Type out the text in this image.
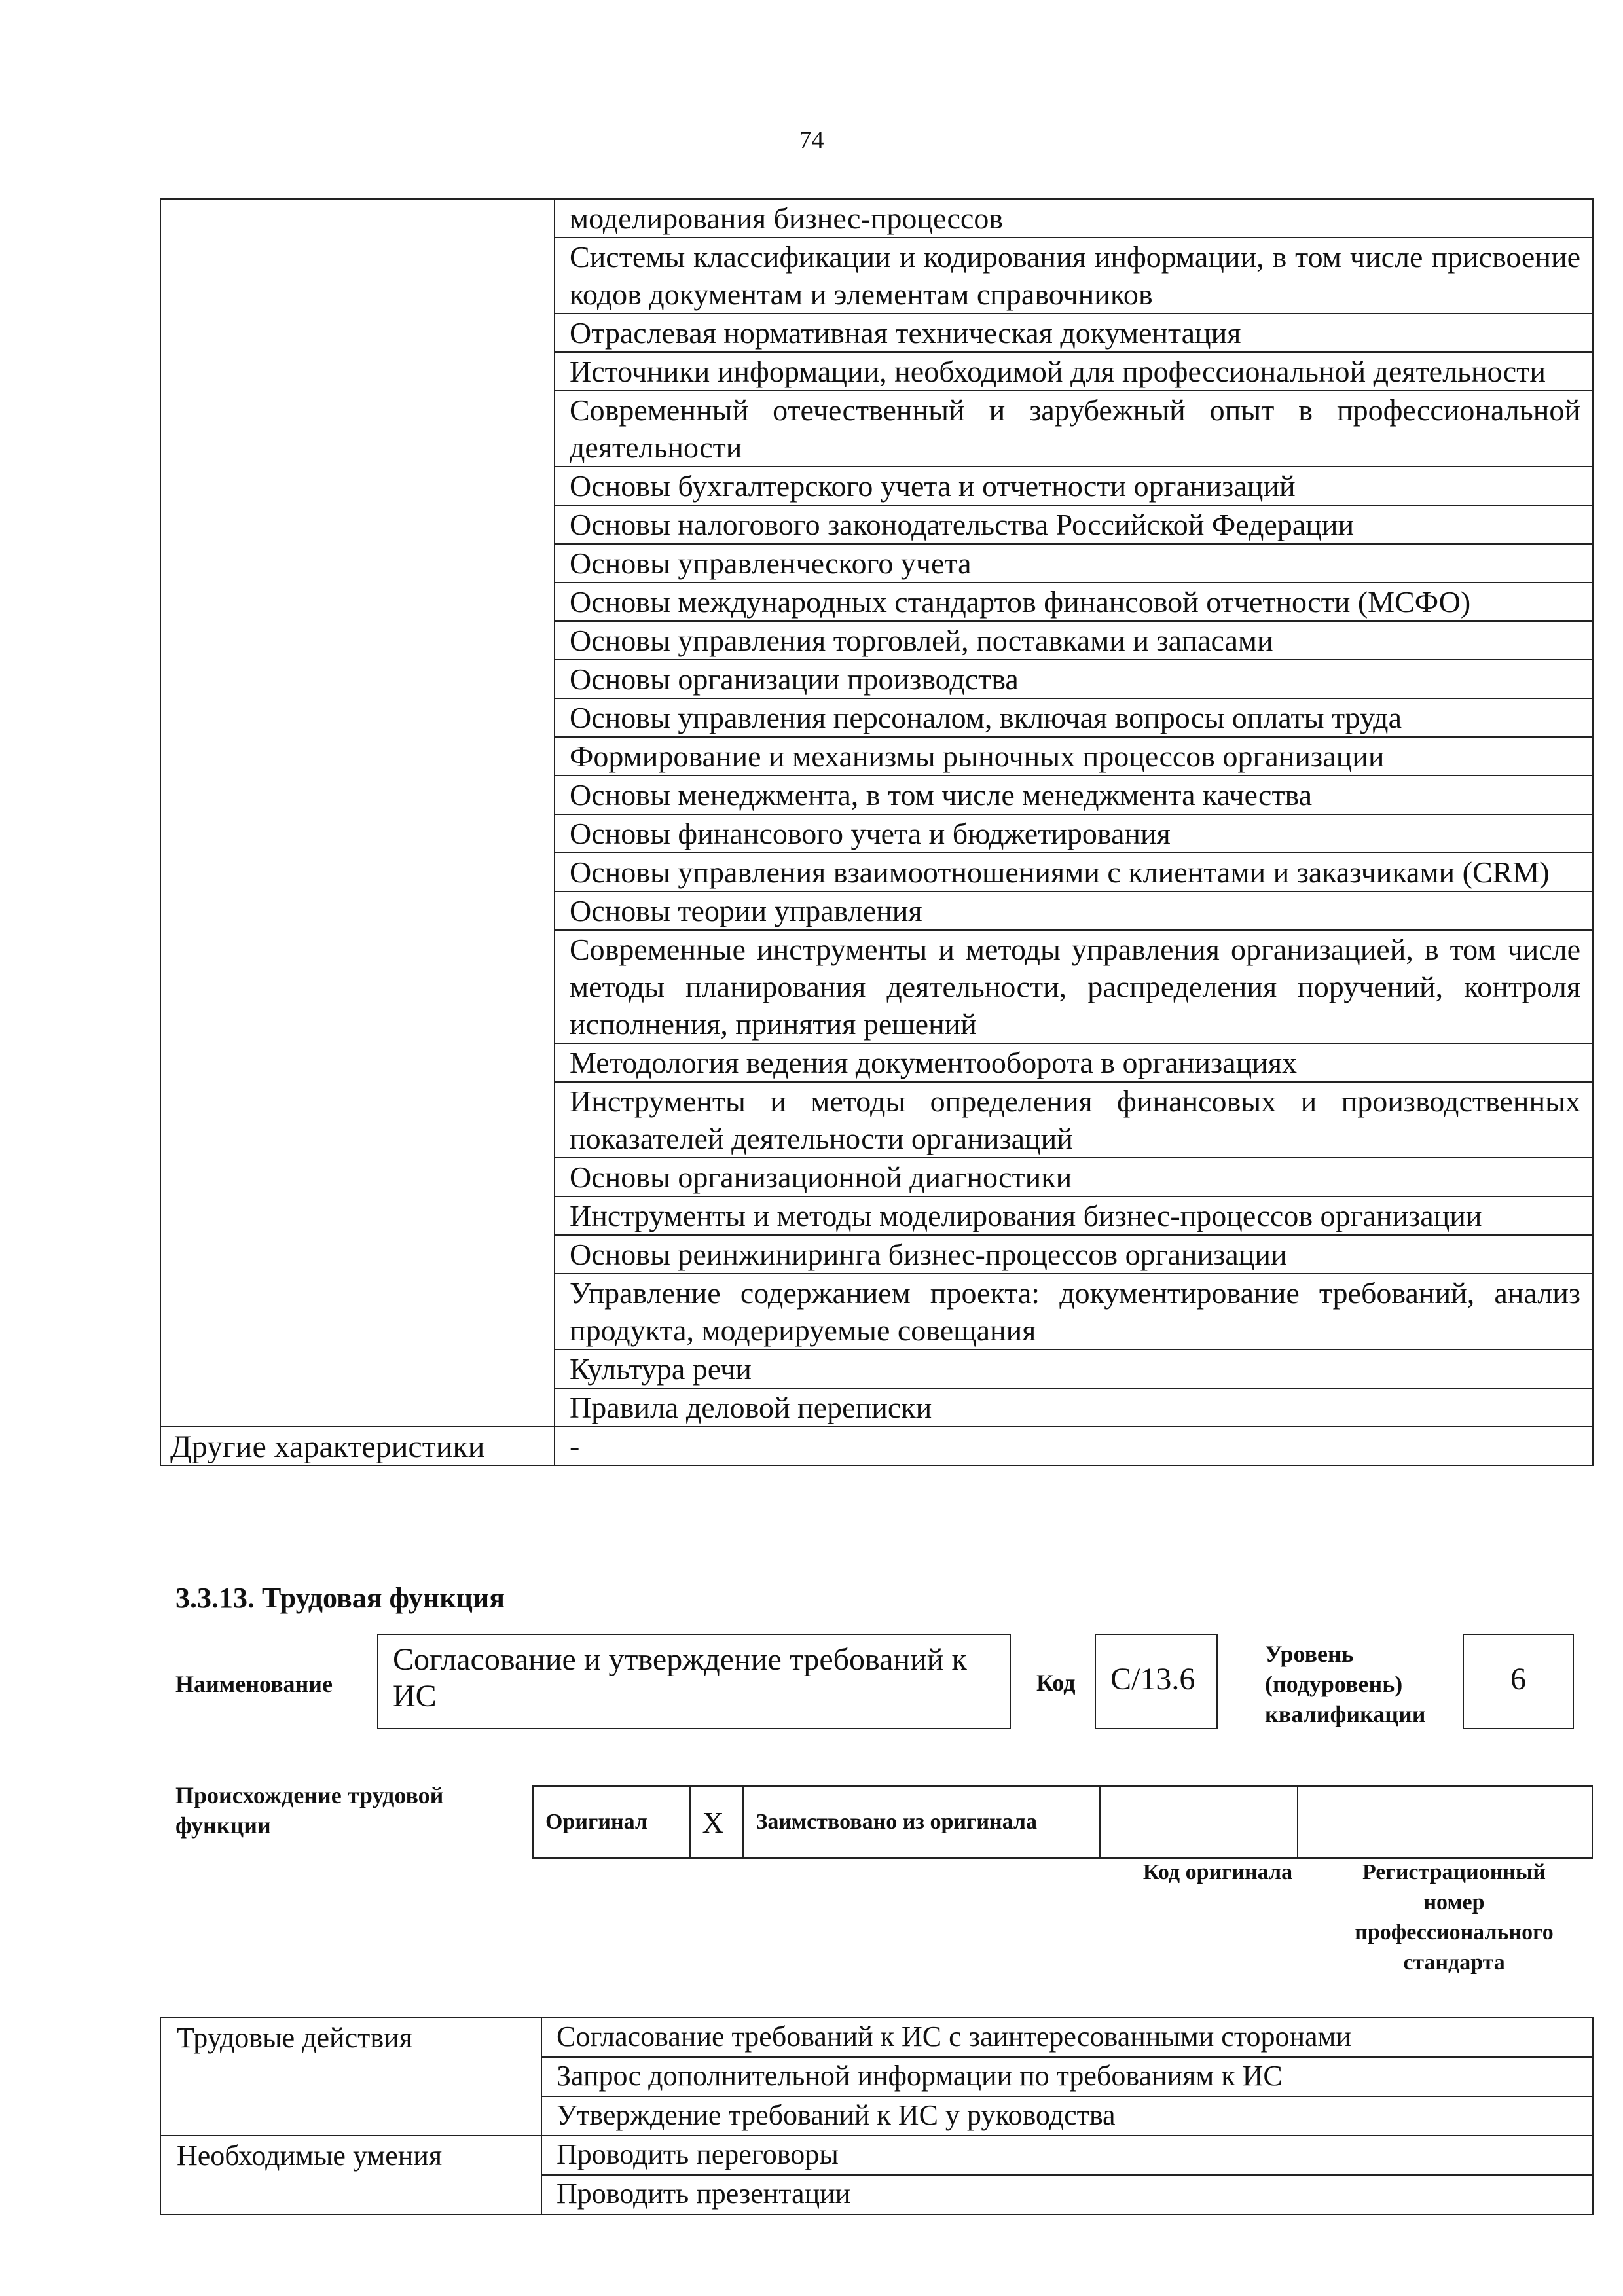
74
	моделирования бизнес-процессов
	Системы классификации и кодирования информации, в том числе присвоение кодов документам и элементам справочников
	Отраслевая нормативная техническая документация
	Источники информации, необходимой для профессиональной деятельности
	Современный отечественный и зарубежный опыт в профессиональной деятельности
	Основы бухгалтерского учета и отчетности организаций
	Основы налогового законодательства Российской Федерации
	Основы управленческого учета
	Основы международных стандартов финансовой отчетности (МСФО)
	Основы управления торговлей, поставками и запасами
	Основы организации производства
	Основы управления персоналом, включая вопросы оплаты труда
	Формирование и механизмы рыночных процессов организации
	Основы менеджмента, в том числе менеджмента качества
	Основы финансового учета и бюджетирования
	Основы управления взаимоотношениями с клиентами и заказчиками (CRM)
	Основы теории управления
	Современные инструменты и методы управления организацией, в том числе методы планирования деятельности, распределения поручений, контроля исполнения, принятия решений
	Методология ведения документооборота в организациях
	Инструменты и методы определения финансовых и производственных показателей деятельности организаций
	Основы организационной диагностики
	Инструменты и методы моделирования бизнес-процессов организации
	Основы реинжиниринга бизнес-процессов организации
	Управление содержанием проекта: документирование требований, анализ продукта, модерируемые совещания
	Культура речи
	Правила деловой переписки
Другие характеристики	-
3.3.13. Трудовая функция
Наименование
Согласование и утверждение требований к ИС	Код	C/13.6
Уровень (подуровень) квалификации
6
Происхождение трудовой функции	Оригинал	X	Заимствовано из оригинала		
Код оригинала	Регистрационный номер профессионального стандарта
Трудовые действия	Согласование требований к ИС с заинтересованными сторонами
	Запрос дополнительной информации по требованиям к ИС
	Утверждение требований к ИС у руководства
Необходимые умения	Проводить переговоры
	Проводить презентации
